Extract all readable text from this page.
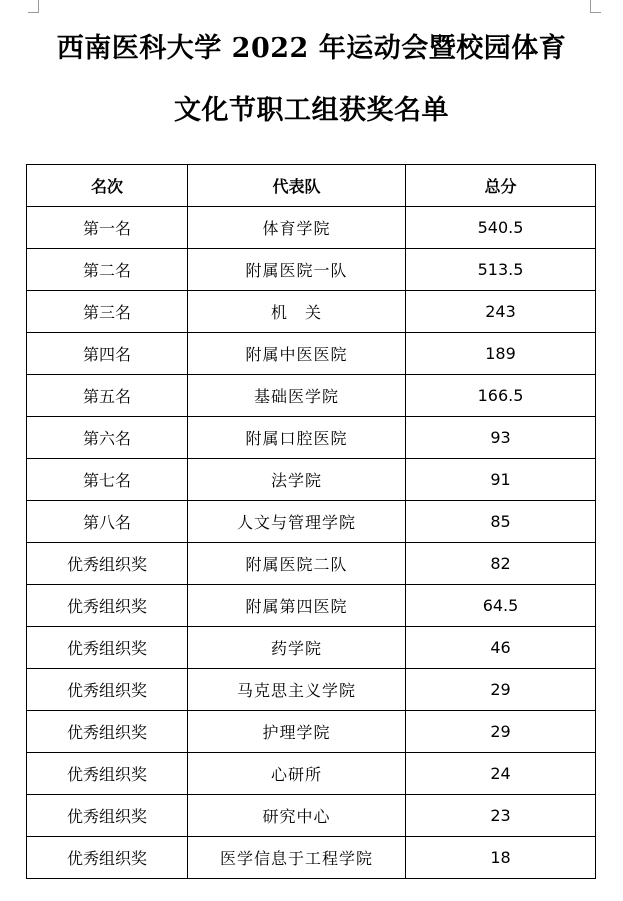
西南医科大学 2022 年运动会暨校园体育
文化节职工组获奖名单
名次	代表队	总分
第一名	体育学院	540.5
第二名	附属医院一队	513.5
第三名	机　关	243
第四名	附属中医医院	189
第五名	基础医学院	166.5
第六名	附属口腔医院	93
第七名	法学院	91
第八名	人文与管理学院	85
优秀组织奖	附属医院二队	82
优秀组织奖	附属第四医院	64.5
优秀组织奖	药学院	46
优秀组织奖	马克思主义学院	29
优秀组织奖	护理学院	29
优秀组织奖	心研所	24
优秀组织奖	研究中心	23
优秀组织奖	医学信息于工程学院	18
